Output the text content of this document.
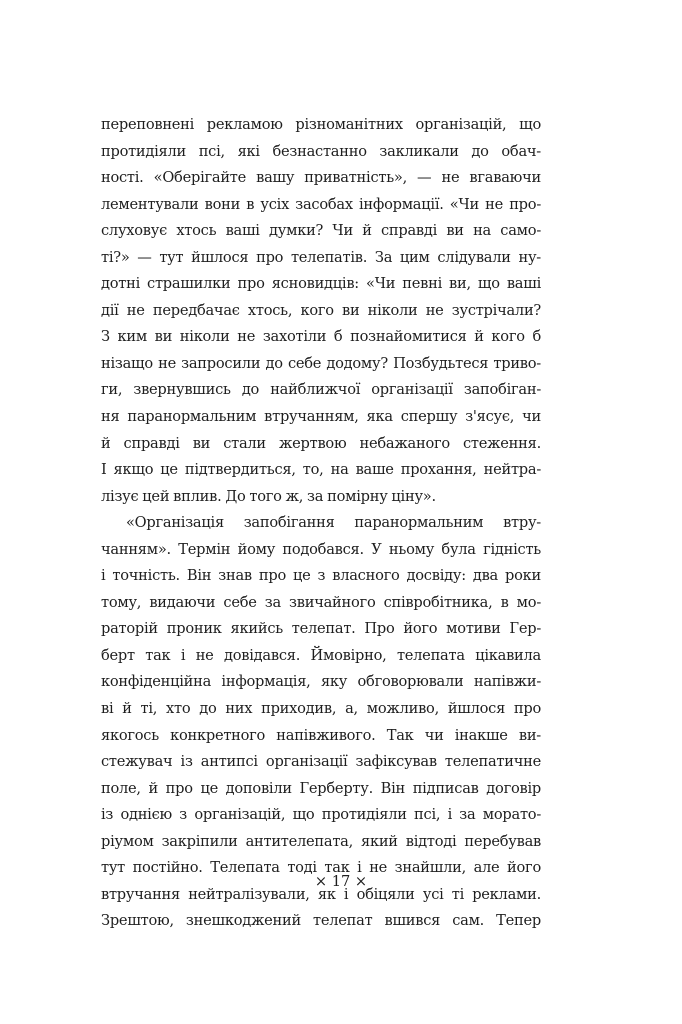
переповнені рекламою різноманітних організацій, що
протидіяли псі, які безнастанно закликали до обач-
ності. «Оберігайте вашу приватність», — не вгаваючи
лементували вони в усіх засобах інформації. «Чи не про-
слуховує хтось ваші думки? Чи й справді ви на само-
ті?» — тут йшлося про телепатів. За цим слідували ну-
дотні страшилки про ясновидців: «Чи певні ви, що ваші
дії не передбачає хтось, кого ви ніколи не зустрічали?
З ким ви ніколи не захотіли б познайомитися й кого б
нізащо не запросили до себе додому? Позбудьтеся триво-
ги, звернувшись до найближчої організації запобіган-
ня паранормальним втручанням, яка спершу з'ясує, чи
й справді ви стали жертвою небажаного стеження.
І якщо це підтвердиться, то, на ваше прохання, нейтра-
лізує цей вплив. До того ж, за помірну ціну».
«Організація запобігання паранормальним втру-
чанням». Термін йому подобався. У ньому була гідність
і точність. Він знав про це з власного досвіду: два роки
тому, видаючи себе за звичайного співробітника, в мо-
раторій проник якийсь телепат. Про його мотиви Гер-
берт так і не довідався. Ймовірно, телепата цікавила
конфіденційна інформація, яку обговорювали напівжи-
ві й ті, хто до них приходив, а, можливо, йшлося про
якогось конкретного напівживого. Так чи інакше ви-
стежувач із антипсі організації зафіксував телепатичне
поле, й про це доповіли Герберту. Він підписав договір
із однією з організацій, що протидіяли псі, і за морато-
ріумом закріпили антителепата, який відтоді перебував
тут постійно. Телепата тоді так і не знайшли, але його
втручання нейтралізували, як і обіцяли усі ті реклами.
Зрештою, знешкоджений телепат вшився сам. Тепер
× 17 ×
